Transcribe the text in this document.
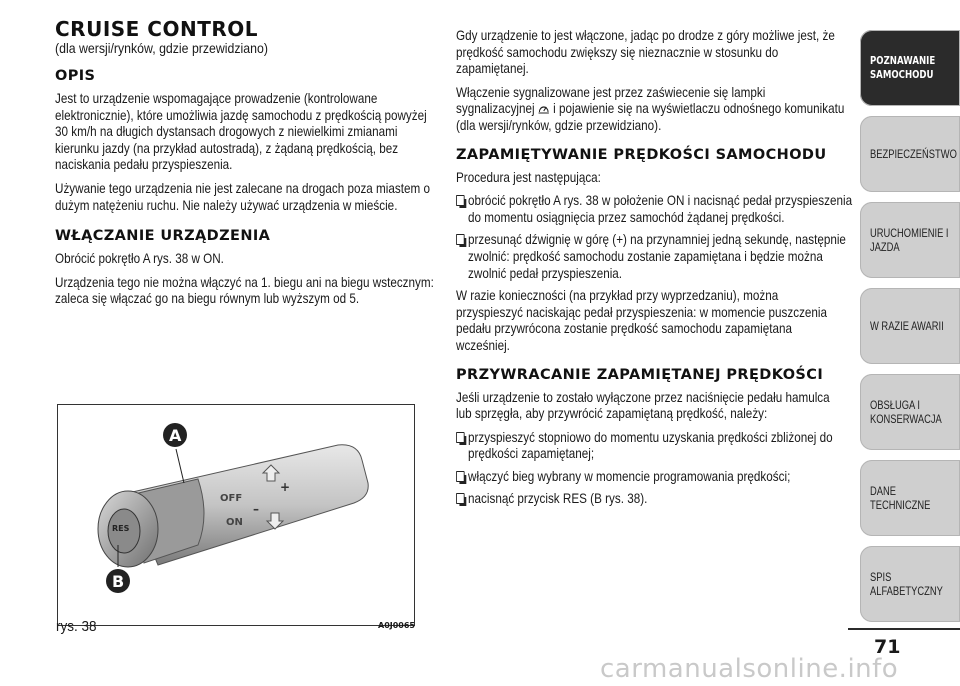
CRUISE CONTROL
(dla wersji/rynków, gdzie przewidziano)
OPIS

Jest to urządzenie wspomagające prowadzenie (kontrolowane elektronicznie), które umożliwia jazdę samochodu z prędkością powyżej 30 km/h na długich dystansach drogowych z niewielkimi zmianami kierunku jazdy (na przykład autostradą), z żądaną prędkością, bez naciskania pedału przyspieszenia.

Używanie tego urządzenia nie jest zalecane na drogach poza miastem o dużym natężeniu ruchu. Nie należy używać urządzenia w mieście.

WŁĄCZANIE URZĄDZENIA

Obrócić pokrętło A rys. 38 w ON.

Urządzenia tego nie można włączyć na 1. biegu ani na biegu wstecznym: zaleca się włączać go na biegu równym lub wyższym od 5.

RES
OFF
ON
+
–
A
B
rys. 38	A0J0065

Gdy urządzenie to jest włączone, jadąc po drodze z góry możliwe jest, że prędkość samochodu zwiększy się nieznacznie w stosunku do zapamiętanej.

Włączenie sygnalizowane jest przez zaświecenie się lampki sygnalizacyjnej i pojawienie się na wyświetlaczu odnośnego komunikatu (dla wersji/rynków, gdzie przewidziano).

ZAPAMIĘTYWANIE PRĘDKOŚCI SAMOCHODU

Procedura jest następująca:

obrócić pokrętło A rys. 38 w położenie ON i nacisnąć pedał przyspieszenia do momentu osiągnięcia przez samochód żądanej prędkości.
przesunąć dźwignię w górę (+) na przynamniej jedną sekundę, następnie zwolnić: prędkość samochodu zostanie zapamiętana i będzie można zwolnić pedał przyspieszenia.

W razie konieczności (na przykład przy wyprzedzaniu), można przyspieszyć naciskając pedał przyspieszenia: w momencie puszczenia pedału przywrócona zostanie prędkość samochodu zapamiętana wcześniej.

PRZYWRACANIE ZAPAMIĘTANEJ PRĘDKOŚCI

Jeśli urządzenie to zostało wyłączone przez naciśnięcie pedału hamulca lub sprzęgła, aby przywrócić zapamiętaną prędkość, należy:

przyspieszyć stopniowo do momentu uzyskania prędkości zbliżonej do prędkości zapamiętanej;
włączyć bieg wybrany w momencie programowania prędkości;
nacisnąć przycisk RES (B rys. 38).
POZNAWANIE SAMOCHODU
BEZPIECZEŃSTWO
URUCHOMIENIE I JAZDA
W RAZIE AWARII
OBSŁUGA I KONSERWACJA
DANE TECHNICZNE
SPIS ALFABETYCZNY
71
carmanualsonline.info
